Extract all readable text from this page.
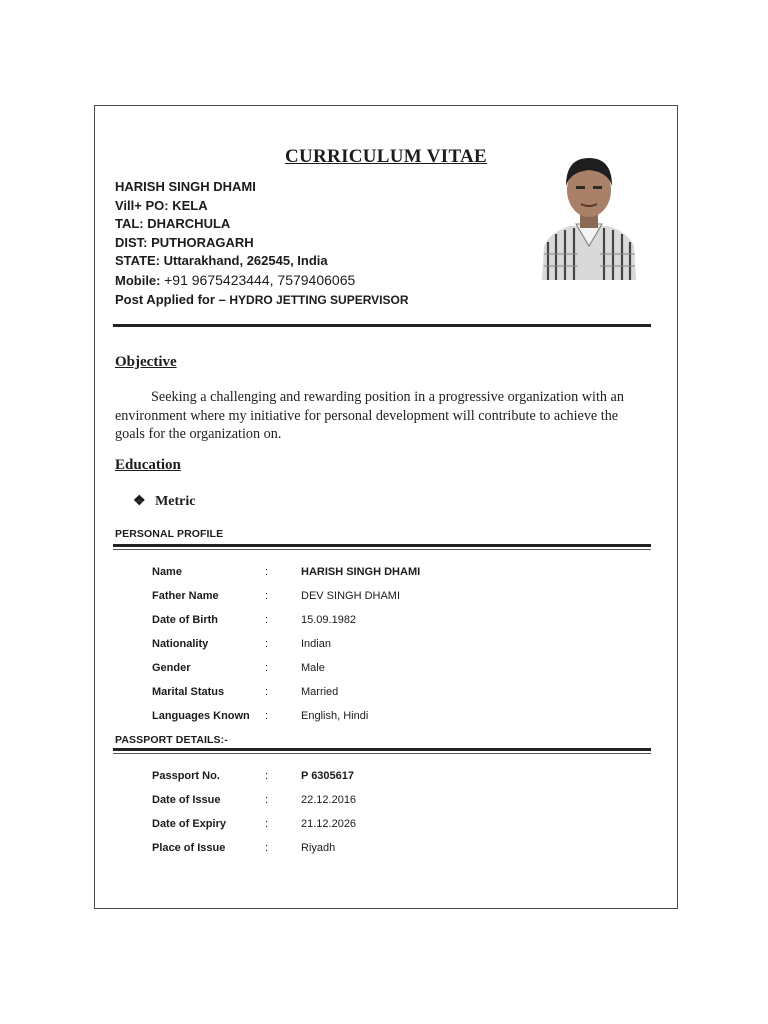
CURRICULUM VITAE
HARISH SINGH DHAMI
Vill+ PO: KELA
TAL: DHARCHULA
DIST: PUTHORAGARH
STATE: Uttarakhand, 262545, India
Mobile: +91 9675423444, 7579406065
Post Applied for – HYDRO JETTING SUPERVISOR
Objective
Seeking a challenging and rewarding position in a progressive organization with an environment where my initiative for personal development will contribute to achieve the goals for the organization on.
Education
❖ Metric
PERSONAL PROFILE
Name	:	HARISH SINGH DHAMI
Father Name	:	DEV SINGH DHAMI
Date of Birth	:	15.09.1982
Nationality	:	Indian
Gender	:	Male
Marital Status	:	Married
Languages Known :	English, Hindi
PASSPORT DETAILS:-
Passport No.	:	P 6305617
Date of Issue	:	22.12.2016
Date of Expiry	:	21.12.2026
Place of Issue	:	Riyadh
